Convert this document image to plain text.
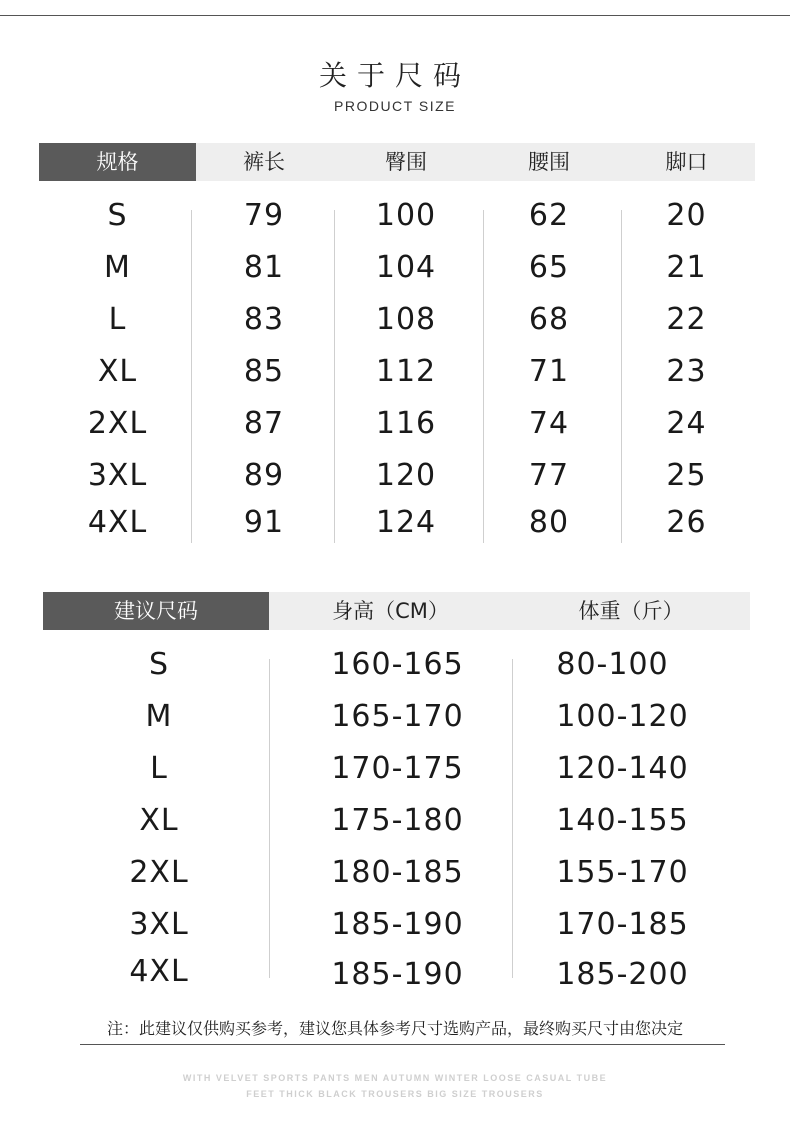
关于尺码
PRODUCT SIZE
规格	裤长	臀围	腰围	脚口
S	79	100	62	20
M	81	104	65	21
L	83	108	68	22
XL	85	112	71	23
2XL	87	116	74	24
3XL	89	120	77	25
4XL	91	124	80	26
建议尺码	身高（CM）	体重（斤）
S	160-165	80-100
M	165-170	100-120
L	170-175	120-140
XL	175-180	140-155
2XL	180-185	155-170
3XL	185-190	170-185
4XL	185-190	185-200
注：此建议仅供购买参考，建议您具体参考尺寸选购产品，最终购买尺寸由您决定
WITH VELVET SPORTS PANTS MEN AUTUMN WINTER LOOSE CASUAL TUBE
FEET THICK BLACK TROUSERS BIG SIZE TROUSERS
